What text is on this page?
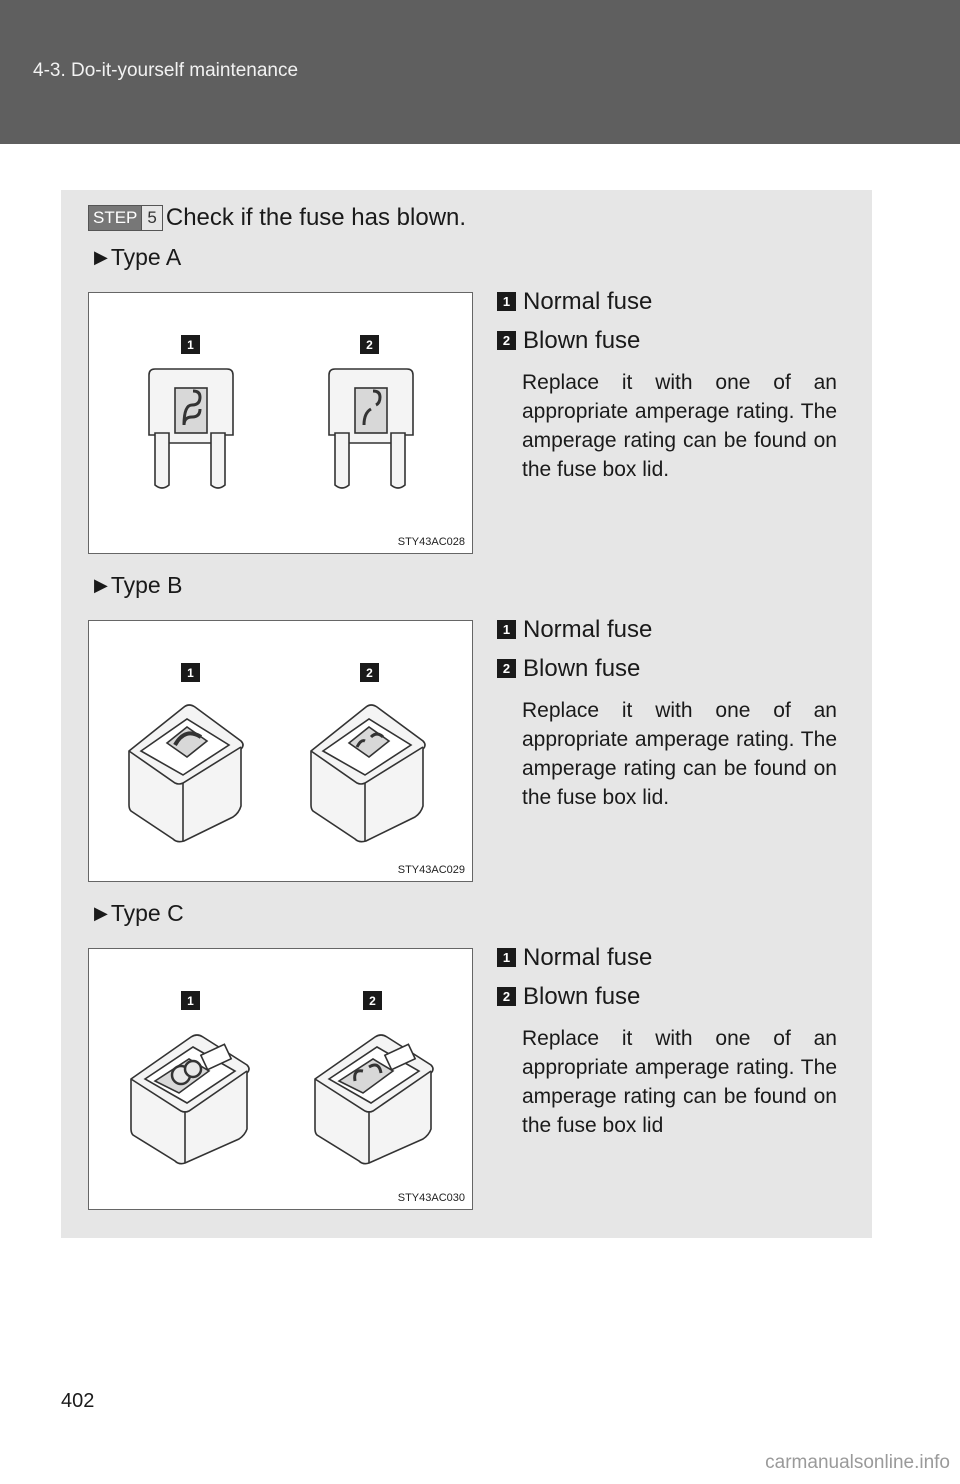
4-3. Do-it-yourself maintenance
STEP 5 Check if the fuse has blown.
▶ Type A
1	2
STY43AC028
1 Normal fuse
2 Blown fuse
Replace it with one of an appropriate amperage rating. The amperage rating can be found on the fuse box lid.
▶ Type B
1	2
STY43AC029
1 Normal fuse
2 Blown fuse
Replace it with one of an appropriate amperage rating. The amperage rating can be found on the fuse box lid.
▶ Type C
1	2
STY43AC030
1 Normal fuse
2 Blown fuse
Replace it with one of an appropriate amperage rating. The amperage rating can be found on the fuse box lid
402
carmanualsonline.info
